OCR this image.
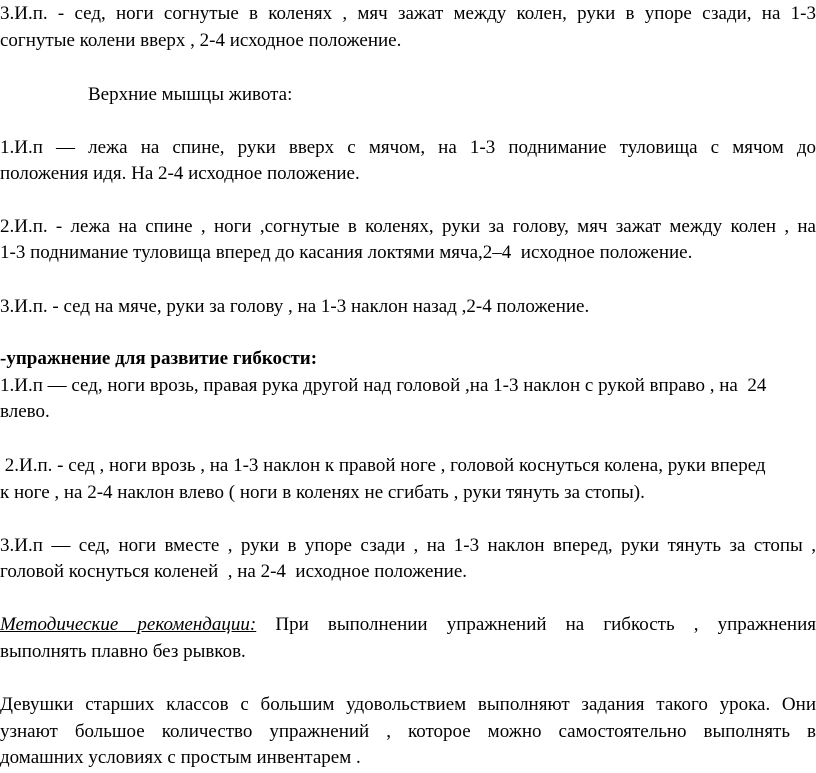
3.И.п. - сед, ноги согнутые в коленях , мяч зажат между колен, руки в упоре сзади, на 1-3
согнутые колени вверх , 2-4 исходное положение.
Верхние мышцы живота:
1.И.п — лежа на спине, руки вверх с мячом, на 1-3 поднимание туловища с мячом до
положения идя. На 2-4 исходное положение.
2.И.п. - лежа на спине , ноги ,согнутые в коленях, руки за голову, мяч зажат между колен , на
1-3 поднимание туловища вперед до касания локтями мяча,2–4  исходное положение.
3.И.п. - сед на мяче, руки за голову , на 1-3 наклон назад ,2-4 положение.
-упражнение для развитие гибкости:
1.И.п — сед, ноги врозь, правая рука другой над головой ,на 1-3 наклон с рукой вправо , на  24
влево.
2.И.п. - сед , ноги врозь , на 1-3 наклон к правой ноге , головой коснуться колена, руки вперед
к ноге , на 2-4 наклон влево ( ноги в коленях не сгибать , руки тянуть за стопы).
3.И.п — сед, ноги вместе , руки в упоре сзади , на 1-3 наклон вперед, руки тянуть за стопы ,
головой коснуться коленей  , на 2-4  исходное положение.
Методические рекомендации: При выполнении упражнений на гибкость , упражнения
выполнять плавно без рывков.
Девушки старших классов с большим удовольствием выполняют задания такого урока. Они
узнают большое количество упражнений , которое можно самостоятельно выполнять в
домашних условиях с простым инвентарем .
